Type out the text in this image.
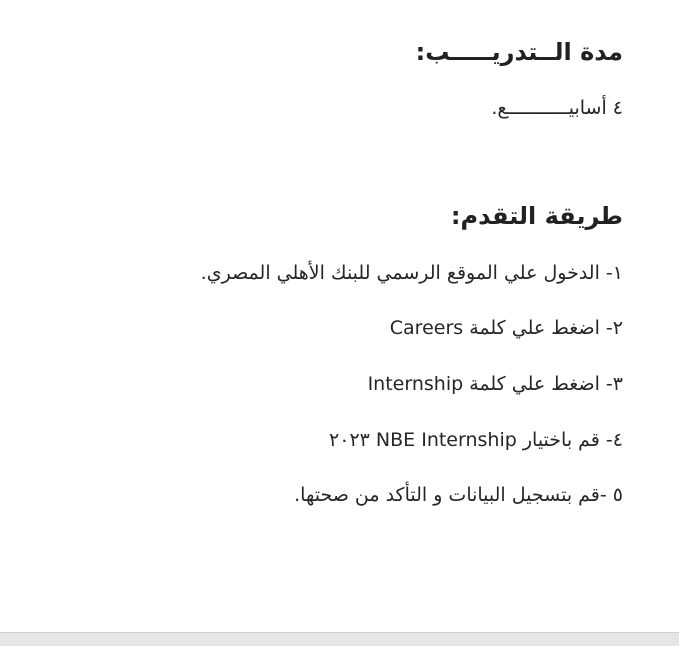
مدة الــتدريـــــب:
٤ أسابيـــــــــــع.
طريقة التقدم:
١- الدخول علي الموقع الرسمي للبنك الأهلي المصري.
٢- اضغط علي كلمة Careers
٣- اضغط علي كلمة Internship
٤- قم باختيار NBE Internship ٢٠٢٣
٥ -قم بتسجيل البيانات و التأكد من صحتها.
